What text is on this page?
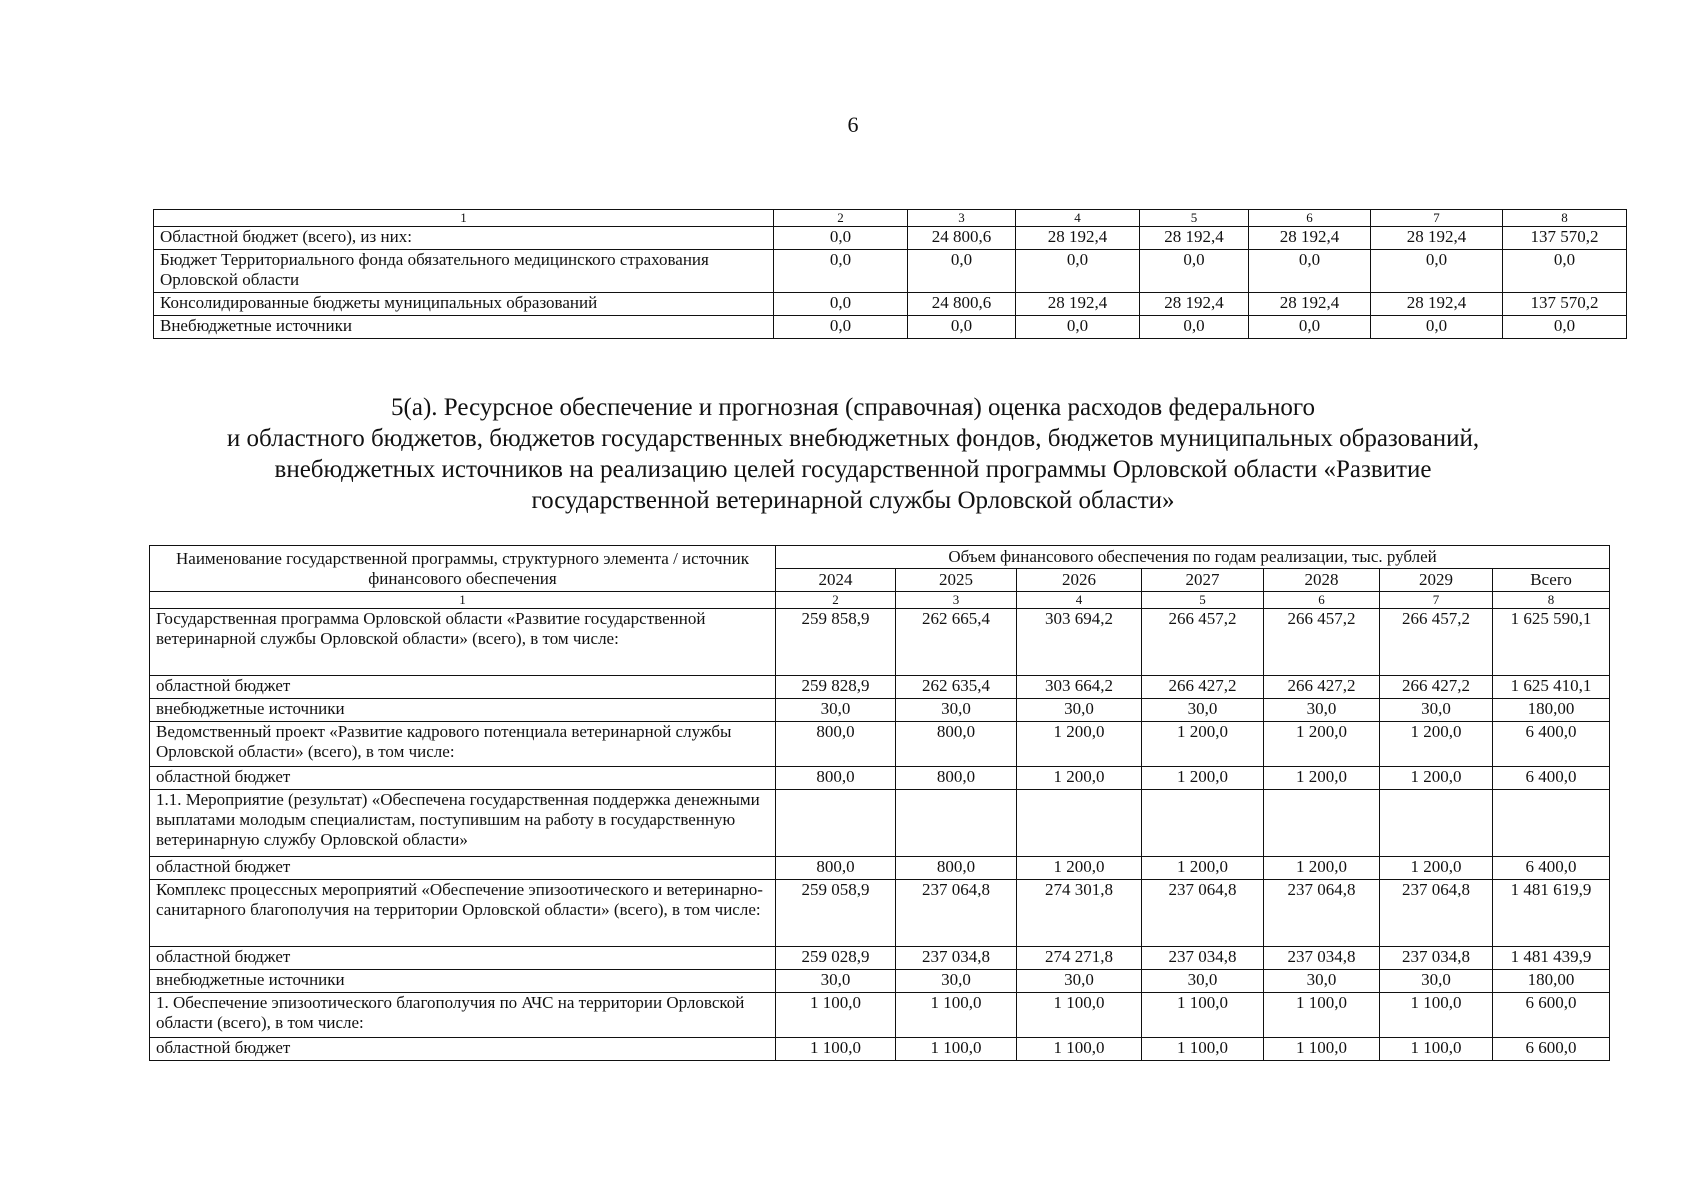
6
1	2	3	4	5	6	7	8
Областной бюджет (всего), из них:	0,0	24 800,6	28 192,4	28 192,4	28 192,4	28 192,4	137 570,2
Бюджет Территориального фонда обязательного медицинского страхования Орловской области	0,0	0,0	0,0	0,0	0,0	0,0	0,0
Консолидированные бюджеты муниципальных образований	0,0	24 800,6	28 192,4	28 192,4	28 192,4	28 192,4	137 570,2
Внебюджетные источники	0,0	0,0	0,0	0,0	0,0	0,0	0,0
5(а). Ресурсное обеспечение и прогнозная (справочная) оценка расходов федерального
и областного бюджетов, бюджетов государственных внебюджетных фондов, бюджетов муниципальных образований,
внебюджетных источников на реализацию целей государственной программы Орловской области «Развитие
государственной ветеринарной службы Орловской области»
Наименование государственной программы, структурного элемента / источник финансового обеспечения	Объем финансового обеспечения по годам реализации, тыс. рублей						
	2024	2025	2026	2027	2028	2029	Всего
1	2	3	4	5	6	7	8
Государственная программа Орловской области «Развитие государственной ветеринарной службы Орловской области» (всего), в том числе:	259 858,9	262 665,4	303 694,2	266 457,2	266 457,2	266 457,2	1 625 590,1
областной бюджет	259 828,9	262 635,4	303 664,2	266 427,2	266 427,2	266 427,2	1 625 410,1
внебюджетные источники	30,0	30,0	30,0	30,0	30,0	30,0	180,00
Ведомственный проект «Развитие кадрового потенциала ветеринарной службы Орловской области» (всего), в том числе:	800,0	800,0	1 200,0	1 200,0	1 200,0	1 200,0	6 400,0
областной бюджет	800,0	800,0	1 200,0	1 200,0	1 200,0	1 200,0	6 400,0
1.1. Мероприятие (результат) «Обеспечена государственная поддержка денежными выплатами молодым специалистам, поступившим на работу в государственную ветеринарную службу Орловской области»							
областной бюджет	800,0	800,0	1 200,0	1 200,0	1 200,0	1 200,0	6 400,0
Комплекс процессных мероприятий «Обеспечение эпизоотического и ветеринарно-санитарного благополучия на территории Орловской области» (всего), в том числе:	259 058,9	237 064,8	274 301,8	237 064,8	237 064,8	237 064,8	1 481 619,9
областной бюджет	259 028,9	237 034,8	274 271,8	237 034,8	237 034,8	237 034,8	1 481 439,9
внебюджетные источники	30,0	30,0	30,0	30,0	30,0	30,0	180,00
1. Обеспечение эпизоотического благополучия по АЧС на территории Орловской области (всего), в том числе:	1 100,0	1 100,0	1 100,0	1 100,0	1 100,0	1 100,0	6 600,0
областной бюджет	1 100,0	1 100,0	1 100,0	1 100,0	1 100,0	1 100,0	6 600,0
